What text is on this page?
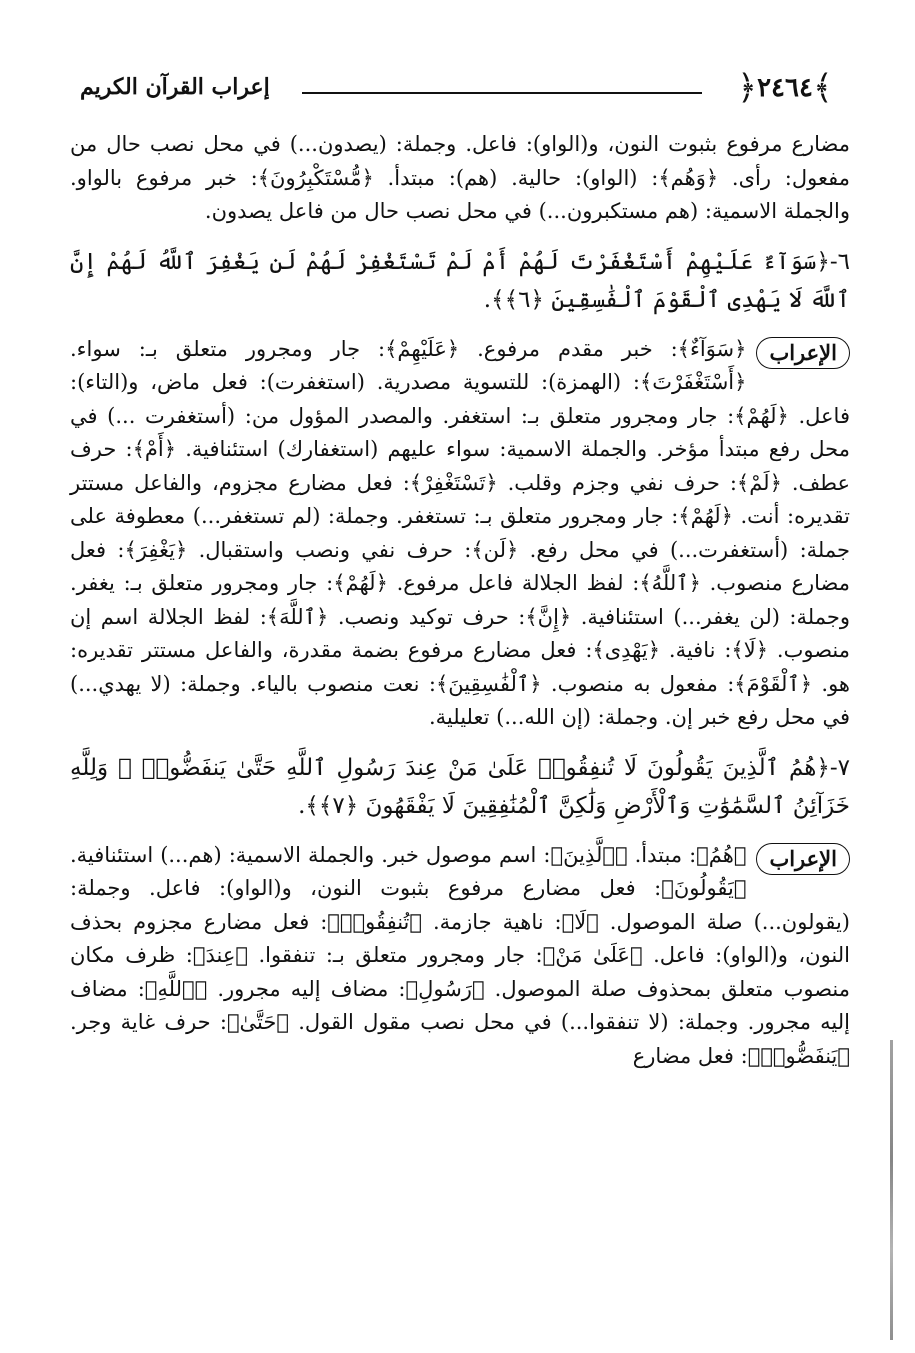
﴿ ٢٤٦٤ ﴾
إعراب القرآن الكريم

مضارع مرفوع بثبوت النون، و(الواو): فاعل. وجملة: (يصدون...) في محل نصب حال من مفعول: رأى. ﴿وَهُم﴾: (الواو): حالية. (هم): مبتدأ. ﴿مُّسْتَكْبِرُونَ﴾: خبر مرفوع بالواو. والجملة الاسمية: (هم مستكبرون...) في محل نصب حال من فاعل يصدون.

٦-﴿سَوَآءٌ عَلَيْهِمْ أَسْتَغْفَرْتَ لَهُمْ أَمْ لَمْ تَسْتَغْفِرْ لَهُمْ لَن يَغْفِرَ ٱللَّهُ لَهُمْ إِنَّ ٱللَّهَ لَا يَهْدِى ٱلْقَوْمَ ٱلْفَٰسِقِينَ ﴿٦﴾﴾.

الإعراب

﴿سَوَآءٌ﴾: خبر مقدم مرفوع. ﴿عَلَيْهِمْ﴾: جار ومجرور متعلق بـ: سواء. ﴿أَسْتَغْفَرْتَ﴾: (الهمزة): للتسوية مصدرية. (استغفرت): فعل ماض، و(التاء): فاعل. ﴿لَهُمْ﴾: جار ومجرور متعلق بـ: استغفر. والمصدر المؤول من: (أستغفرت ...) في محل رفع مبتدأ مؤخر. والجملة الاسمية: سواء عليهم (استغفارك) استئنافية. ﴿أَمْ﴾: حرف عطف. ﴿لَمْ﴾: حرف نفي وجزم وقلب. ﴿تَسْتَغْفِرْ﴾: فعل مضارع مجزوم، والفاعل مستتر تقديره: أنت. ﴿لَهُمْ﴾: جار ومجرور متعلق بـ: تستغفر. وجملة: (لم تستغفر...) معطوفة على جملة: (أستغفرت...) في محل رفع. ﴿لَن﴾: حرف نفي ونصب واستقبال. ﴿يَغْفِرَ﴾: فعل مضارع منصوب. ﴿ٱللَّهُ﴾: لفظ الجلالة فاعل مرفوع. ﴿لَهُمْ﴾: جار ومجرور متعلق بـ: يغفر. وجملة: (لن يغفر...) استئنافية. ﴿إِنَّ﴾: حرف توكيد ونصب. ﴿ٱللَّهَ﴾: لفظ الجلالة اسم إن منصوب. ﴿لَا﴾: نافية. ﴿يَهْدِى﴾: فعل مضارع مرفوع بضمة مقدرة، والفاعل مستتر تقديره: هو. ﴿ٱلْقَوْمَ﴾: مفعول به منصوب. ﴿ٱلْفَٰسِقِينَ﴾: نعت منصوب بالياء. وجملة: (لا يهدي...) في محل رفع خبر إن. وجملة: (إن الله...) تعليلية.

٧-﴿هُمُ ٱلَّذِينَ يَقُولُونَ لَا تُنفِقُوا۟ عَلَىٰ مَنْ عِندَ رَسُولِ ٱللَّهِ حَتَّىٰ يَنفَضُّوا۟ ۗ وَلِلَّهِ خَزَآئِنُ ٱلسَّمَٰوَٰتِ وَٱلْأَرْضِ وَلَٰكِنَّ ٱلْمُنَٰفِقِينَ لَا يَفْقَهُونَ ﴿٧﴾﴾.

الإعراب

﴿هُمُ﴾: مبتدأ. ﴿ٱلَّذِينَ﴾: اسم موصول خبر. والجملة الاسمية: (هم...) استئنافية. ﴿يَقُولُونَ﴾: فعل مضارع مرفوع بثبوت النون، و(الواو): فاعل. وجملة: (يقولون...) صلة الموصول. ﴿لَا﴾: ناهية جازمة. ﴿تُنفِقُوا۟﴾: فعل مضارع مجزوم بحذف النون، و(الواو): فاعل. ﴿عَلَىٰ مَنْ﴾: جار ومجرور متعلق بـ: تنفقوا. ﴿عِندَ﴾: ظرف مكان منصوب متعلق بمحذوف صلة الموصول. ﴿رَسُولِ﴾: مضاف إليه مجرور. ﴿ٱللَّهِ﴾: مضاف إليه مجرور. وجملة: (لا تنفقوا...) في محل نصب مقول القول. ﴿حَتَّىٰ﴾: حرف غاية وجر. ﴿يَنفَضُّوا۟﴾: فعل مضارع
